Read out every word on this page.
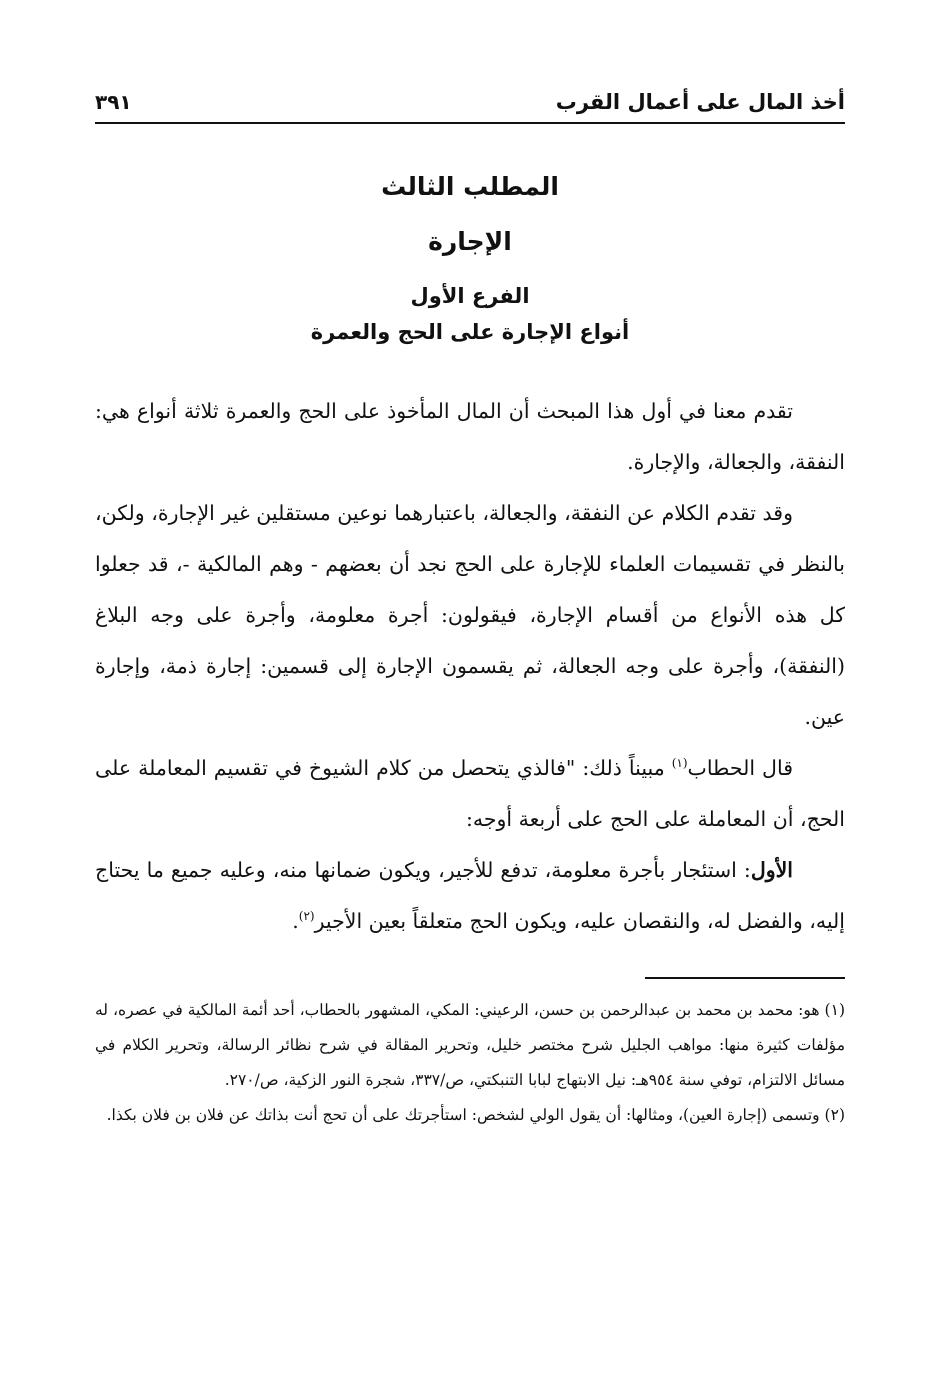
أخذ المال على أعمال القرب
٣٩١
المطلب الثالث
الإجارة
الفرع الأول
أنواع الإجارة على الحج والعمرة

تقدم معنا في أول هذا المبحث أن المال المأخوذ على الحج والعمرة ثلاثة أنواع هي: النفقة، والجعالة، والإجارة.

وقد تقدم الكلام عن النفقة، والجعالة، باعتبارهما نوعين مستقلين غير الإجارة، ولكن، بالنظر في تقسيمات العلماء للإجارة على الحج نجد أن بعضهم - وهم المالكية -، قد جعلوا كل هذه الأنواع من أقسام الإجارة، فيقولون: أجرة معلومة، وأجرة على وجه البلاغ (النفقة)، وأجرة على وجه الجعالة، ثم يقسمون الإجارة إلى قسمين: إجارة ذمة، وإجارة عين.

قال الحطاب$^{(١)}$ مبيناً ذلك: "فالذي يتحصل من كلام الشيوخ في تقسيم المعاملة على الحج، أن المعاملة على الحج على أربعة أوجه:

الأول: استئجار بأجرة معلومة، تدفع للأجير، ويكون ضمانها منه، وعليه جميع ما يحتاج إليه، والفضل له، والنقصان عليه، ويكون الحج متعلقاً بعين الأجير$^{(٢)}$.

(١) هو: محمد بن محمد بن عبدالرحمن بن حسن، الرعيني: المكي، المشهور بالحطاب، أحد أئمة المالكية في عصره، له مؤلفات كثيرة منها: مواهب الجليل شرح مختصر خليل، وتحرير المقالة في شرح نظائر الرسالة، وتحرير الكلام في مسائل الالتزام، توفي سنة ٩٥٤هـ: نيل الابتهاج لبابا التنبكتي، ص/٣٣٧، شجرة النور الزكية، ص/٢٧٠.

(٢) وتسمى (إجارة العين)، ومثالها: أن يقول الولي لشخص: استأجرتك على أن تحج أنت بذاتك عن فلان بن فلان بكذا.
